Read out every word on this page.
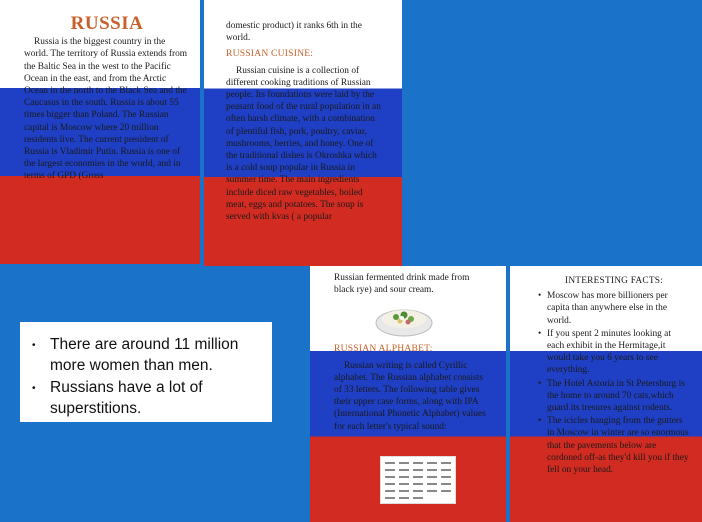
RUSSIA

Russia is the biggest country in the world. The territory of Russia extends from the Baltic Sea in the west to the Pacific Ocean in the east, and from the Arctic Ocean in the north to the Black Sea and the Caucasus in the south. Russia is about 55 times bigger than Poland. The Russian capital is Moscow where 20 million residents live. The current president of Russia is Vladimir Putin. Russia is one of the largest economies in the world, and in terms of GPD (Gross

domestic product) it ranks 6th in the world.

RUSSIAN CUISINE:

Russian cuisine is a collection of different cooking traditions of Russian people. Its foundations were laid by the peasant food of the rural population in an often harsh climate, with a combination of plentiful fish, pork, poultry, caviar, mushrooms, berries, and honey. One of the traditional dishes is Okroshka which is a cold soup popular in Russia in summer time. The main ingredients include diced raw vegetables, boiled meat, eggs and potatoes. The soup is served with kvas ( a popular

• There are around 11 million more women than men.
• Russians have a lot of superstitions.

Russian fermented drink made from black rye) and sour cream.

RUSSIAN ALPHABET:

Russian writing is called Cyrillic alphabet. The Russian alphabet consists of 33 letters. The following table gives their upper case forms, along with IPA (International Phonetic Alphabet) values for each letter's typical sound:

INTERESTING FACTS:
• Moscow has more billioners per capita than anywhere else in the world.
• If you spent 2 minutes looking at each exhibit in the Hermitage,it would take you 6 years to see everything.
• The Hotel Astoria in St Petersburg is the home to around 70 cats,which guard its tresures against rodents.
• The icicles hanging from the gutters in Moscow in winter are so enormous that the pavements below are cordoned off-as they'd kill you if they fell on your head.
